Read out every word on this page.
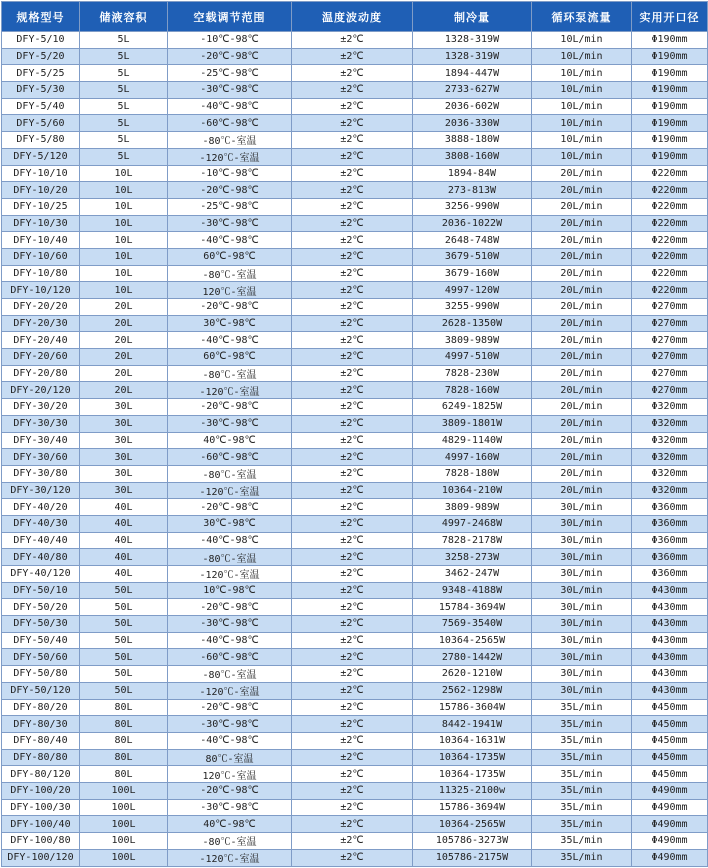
规格型号	储液容积	空载调节范围	温度波动度	制冷量	循环泵流量	实用开口径
DFY-5/10	5L	-10℃-98℃	±2℃	1328-319W	10L/min	Φ190mm
DFY-5/20	5L	-20℃-98℃	±2℃	1328-319W	10L/min	Φ190mm
DFY-5/25	5L	-25℃-98℃	±2℃	1894-447W	10L/min	Φ190mm
DFY-5/30	5L	-30℃-98℃	±2℃	2733-627W	10L/min	Φ190mm
DFY-5/40	5L	-40℃-98℃	±2℃	2036-602W	10L/min	Φ190mm
DFY-5/60	5L	-60℃-98℃	±2℃	2036-330W	10L/min	Φ190mm
DFY-5/80	5L	-80℃-室温	±2℃	3888-180W	10L/min	Φ190mm
DFY-5/120	5L	-120℃-室温	±2℃	3808-160W	10L/min	Φ190mm
DFY-10/10	10L	-10℃-98℃	±2℃	1894-84W	20L/min	Φ220mm
DFY-10/20	10L	-20℃-98℃	±2℃	273-813W	20L/min	Φ220mm
DFY-10/25	10L	-25℃-98℃	±2℃	3256-990W	20L/min	Φ220mm
DFY-10/30	10L	-30℃-98℃	±2℃	2036-1022W	20L/min	Φ220mm
DFY-10/40	10L	-40℃-98℃	±2℃	2648-748W	20L/min	Φ220mm
DFY-10/60	10L	60℃-98℃	±2℃	3679-510W	20L/min	Φ220mm
DFY-10/80	10L	-80℃-室温	±2℃	3679-160W	20L/min	Φ220mm
DFY-10/120	10L	120℃-室温	±2℃	4997-120W	20L/min	Φ220mm
DFY-20/20	20L	-20℃-98℃	±2℃	3255-990W	20L/min	Φ270mm
DFY-20/30	20L	30℃-98℃	±2℃	2628-1350W	20L/min	Φ270mm
DFY-20/40	20L	-40℃-98℃	±2℃	3809-989W	20L/min	Φ270mm
DFY-20/60	20L	60℃-98℃	±2℃	4997-510W	20L/min	Φ270mm
DFY-20/80	20L	-80℃-室温	±2℃	7828-230W	20L/min	Φ270mm
DFY-20/120	20L	-120℃-室温	±2℃	7828-160W	20L/min	Φ270mm
DFY-30/20	30L	-20℃-98℃	±2℃	6249-1825W	20L/min	Φ320mm
DFY-30/30	30L	-30℃-98℃	±2℃	3809-1801W	20L/min	Φ320mm
DFY-30/40	30L	40℃-98℃	±2℃	4829-1140W	20L/min	Φ320mm
DFY-30/60	30L	-60℃-98℃	±2℃	4997-160W	20L/min	Φ320mm
DFY-30/80	30L	-80℃-室温	±2℃	7828-180W	20L/min	Φ320mm
DFY-30/120	30L	-120℃-室温	±2℃	10364-210W	20L/min	Φ320mm
DFY-40/20	40L	-20℃-98℃	±2℃	3809-989W	30L/min	Φ360mm
DFY-40/30	40L	30℃-98℃	±2℃	4997-2468W	30L/min	Φ360mm
DFY-40/40	40L	-40℃-98℃	±2℃	7828-2178W	30L/min	Φ360mm
DFY-40/80	40L	-80℃-室温	±2℃	3258-273W	30L/min	Φ360mm
DFY-40/120	40L	-120℃-室温	±2℃	3462-247W	30L/min	Φ360mm
DFY-50/10	50L	10℃-98℃	±2℃	9348-4188W	30L/min	Φ430mm
DFY-50/20	50L	-20℃-98℃	±2℃	15784-3694W	30L/min	Φ430mm
DFY-50/30	50L	-30℃-98℃	±2℃	7569-3540W	30L/min	Φ430mm
DFY-50/40	50L	-40℃-98℃	±2℃	10364-2565W	30L/min	Φ430mm
DFY-50/60	50L	-60℃-98℃	±2℃	2780-1442W	30L/min	Φ430mm
DFY-50/80	50L	-80℃-室温	±2℃	2620-1210W	30L/min	Φ430mm
DFY-50/120	50L	-120℃-室温	±2℃	2562-1298W	30L/min	Φ430mm
DFY-80/20	80L	-20℃-98℃	±2℃	15786-3604W	35L/min	Φ450mm
DFY-80/30	80L	-30℃-98℃	±2℃	8442-1941W	35L/min	Φ450mm
DFY-80/40	80L	-40℃-98℃	±2℃	10364-1631W	35L/min	Φ450mm
DFY-80/80	80L	80℃-室温	±2℃	10364-1735W	35L/min	Φ450mm
DFY-80/120	80L	120℃-室温	±2℃	10364-1735W	35L/min	Φ450mm
DFY-100/20	100L	-20℃-98℃	±2℃	11325-2100w	35L/min	Φ490mm
DFY-100/30	100L	-30℃-98℃	±2℃	15786-3694W	35L/min	Φ490mm
DFY-100/40	100L	40℃-98℃	±2℃	10364-2565W	35L/min	Φ490mm
DFY-100/80	100L	-80℃-室温	±2℃	105786-3273W	35L/min	Φ490mm
DFY-100/120	100L	-120℃-室温	±2℃	105786-2175W	35L/min	Φ490mm
